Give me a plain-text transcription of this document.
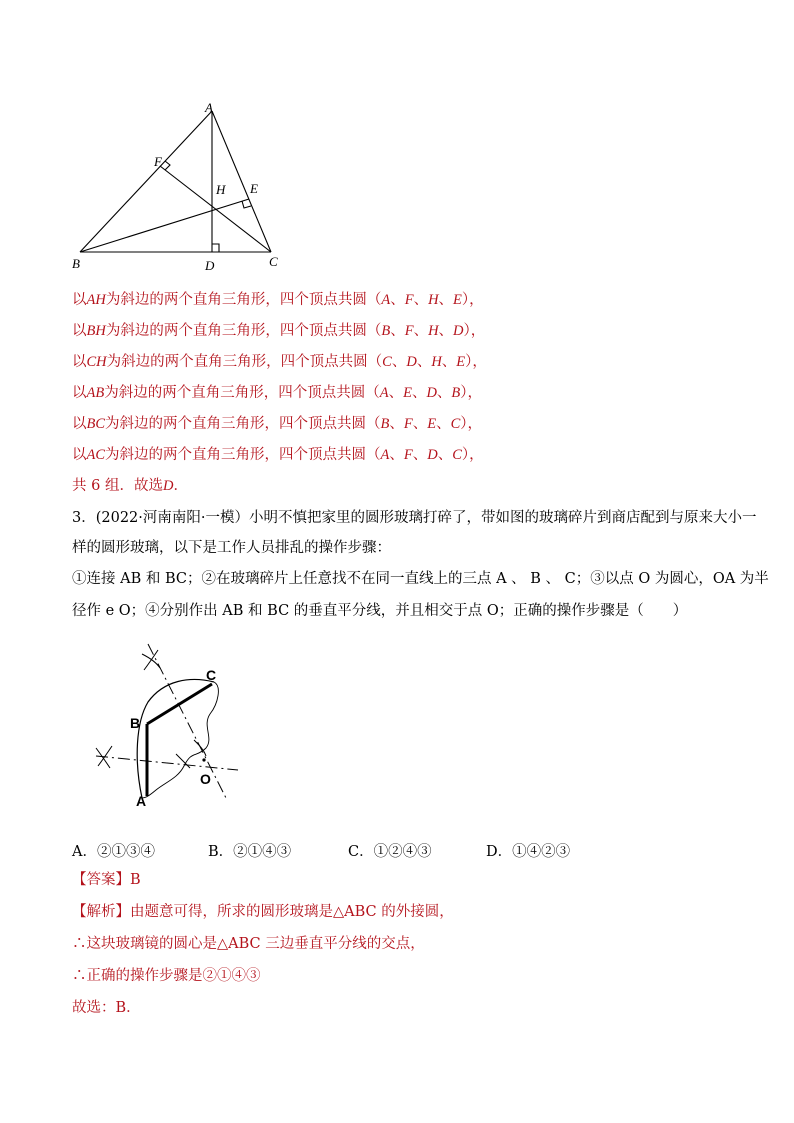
A
B	C
D
E
F
H
以AH为斜边的两个直角三角形，四个顶点共圆（A、F、H、E），
以BH为斜边的两个直角三角形，四个顶点共圆（B、F、H、D），
以CH为斜边的两个直角三角形，四个顶点共圆（C、D、H、E），
以AB为斜边的两个直角三角形，四个顶点共圆（A、E、D、B），
以BC为斜边的两个直角三角形，四个顶点共圆（B、F、E、C），
以AC为斜边的两个直角三角形，四个顶点共圆（A、F、D、C），
共 6 组．故选D．
3．(2022·河南南阳·一模）小明不慎把家里的圆形玻璃打碎了，带如图的玻璃碎片到商店配到与原来大小一
样的圆形玻璃，以下是工作人员排乱的操作步骤：
①连接 AB 和 BC；②在玻璃碎片上任意找不在同一直线上的三点 A 、 B 、 C；③以点 O 为圆心，OA 为半
径作 e O；④分别作出 AB 和 BC 的垂直平分线，并且相交于点 O；正确的操作步骤是（　　）
B
C
A
O
A．②①③④	B．②①④③	C．①②④③	D．①④②③
【答案】B
【解析】由题意可得，所求的圆形玻璃是△ABC 的外接圆，
∴这块玻璃镜的圆心是△ABC 三边垂直平分线的交点，
∴正确的操作步骤是②①④③
故选：B．
